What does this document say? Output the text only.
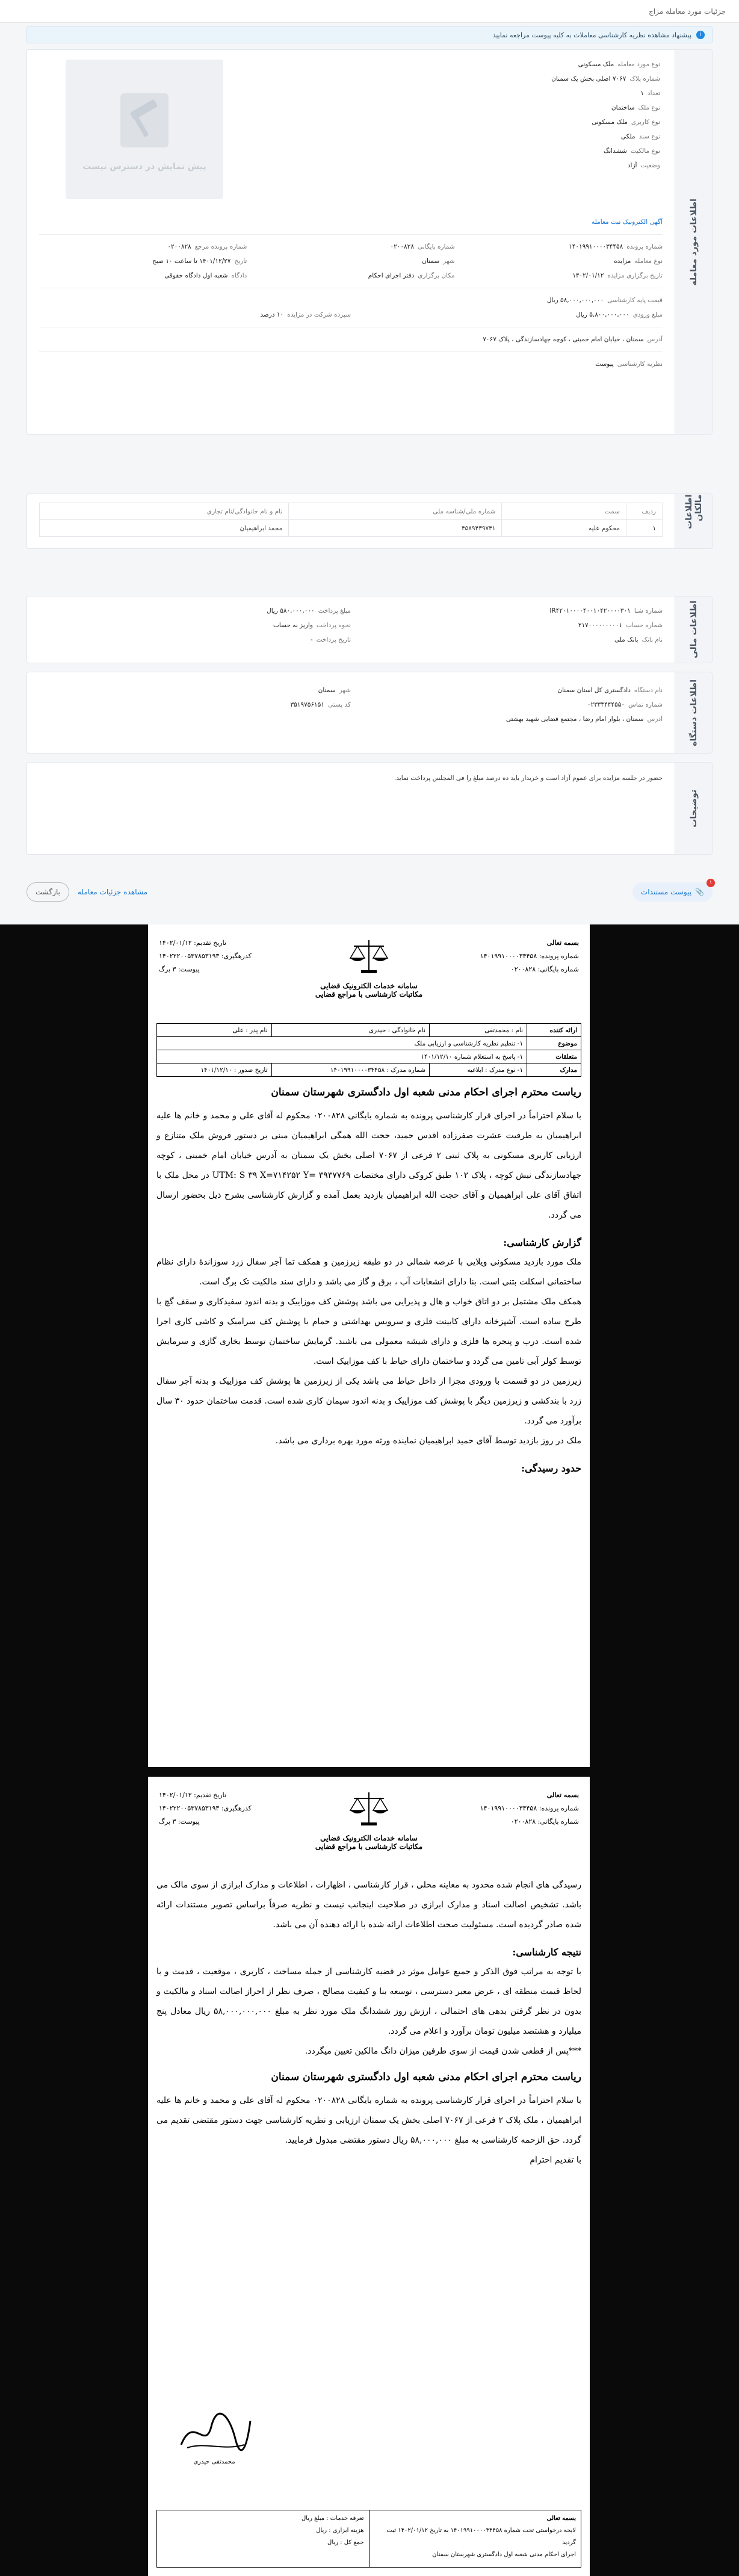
جزئیات مورد معامله مزاج
i
پیشنهاد مشاهده نظریه کارشناسی معاملات به کلیه پیوست مراجعه نمایید
اطلاعات مورد معامله
پیش نمایش در دسترس نیست
نوع مورد معامله
ملک مسکونی
شماره پلاک
۷۰۶۷ اصلی بخش یک سمنان
تعداد
۱
نوع ملک
ساختمان
نوع کاربری
ملک مسکونی
نوع سند
ملکی
نوع مالکیت
ششدانگ
وضعیت
آزاد
آگهی الکترونیک ثبت معامله
شماره پرونده
۱۴۰۱۹۹۱۰۰۰۰۳۴۴۵۸
شماره بایگانی
۰۲۰۰۸۲۸
شماره پرونده مرجع
۰۲۰۰۸۲۸
نوع معامله
مزایده
شهر
سمنان
تاریخ
۱۴۰۱/۱۲/۲۷ تا ساعت ۱۰ صبح
تاریخ برگزاری مزایده
۱۴۰۲/۰۱/۱۲
مکان برگزاری
دفتر اجرای احکام
دادگاه
شعبه اول دادگاه حقوقی
قیمت پایه کارشناسی
۵۸,۰۰۰,۰۰۰,۰۰۰ ریال
مبلغ ورودی
۵,۸۰۰,۰۰۰,۰۰۰ ریال
سپرده شرکت در مزایده
۱۰ درصد
آدرس
سمنان ، خیابان امام خمینی ، کوچه جهادسازندگی ، پلاک ۷۰۶۷
نظریه کارشناسی
پیوست
اطلاعات مالکان
ردیف	سمت	شماره ملی/شناسه ملی	نام و نام خانوادگی/نام تجاری
۱	محکوم علیه	۴۵۸۹۴۳۹۷۳۱	محمد ابراهیمیان
اطلاعات مالی
شماره شبا
IR۴۲۰۱۰۰۰۰۴۰۰۱۰۴۲۰۰۰۰۳۰۱
مبلغ پرداخت
۵۸۰,۰۰۰,۰۰۰ ریال
شماره حساب
۲۱۷۰۰۰۰۰۰۰۰۰۱
نحوه پرداخت
واریز به حساب
نام بانک
بانک ملی
تاریخ پرداخت
-
اطلاعات دستگاه
نام دستگاه
دادگستری کل استان سمنان
شهر
سمنان
شماره تماس
۰۲۳۳۳۴۴۴۵۵۰
کد پستی
۳۵۱۹۷۵۶۱۵۱
آدرس
سمنان ، بلوار امام رضا ، مجتمع قضایی شهید بهشتی
توضیحات
حضور در جلسه مزایده برای عموم آزاد است و خریدار باید ده درصد مبلغ را فی المجلس پرداخت نماید.
۱
📎
پیوست مستندات
مشاهده جزئیات معامله
بازگشت
بسمه تعالی
شماره پرونده: ۱۴۰۱۹۹۱۰۰۰۰۳۴۴۵۸
شماره بایگانی: ۰۲۰۰۸۲۸
سامانه خدمات الکترونیک قضایی
مکاتبات کارشناسی با مراجع قضایی
تاریخ تقدیم: ۱۴۰۲/۰۱/۱۲
کدرهگیری: ۱۴۰۲۲۲۰۰۵۳۷۸۵۳۱۹۳
پیوست: ۳ برگ
ارائه کننده	نام : محمدتقی	نام خانوادگی : حیدری	نام پدر : علی
موضوع	۱- تنظیم نظریه کارشناسی و ارزیابی ملک		
متعلقات	۱- پاسخ به استعلام شماره ۱۴۰۱/۱۲/۱۰		
مدارک	۱- نوع مدرک : ابلاغیه	شماره مدرک : ۱۴۰۱۹۹۱۰۰۰۰۳۴۴۵۸	تاریخ صدور : ۱۴۰۱/۱۲/۱۰
ریاست محترم اجرای احکام مدنی شعبه اول دادگستری شهرستان سمنان

با سلام احتراماً در اجرای قرار کارشناسی پرونده به شماره بایگانی ۰۲۰۰۸۲۸ محکوم له آقای علی و محمد و خانم ها علیه ابراهیمیان به طرفیت عشرت صفرزاده اقدس حمید، حجت الله همگی ابراهیمیان مبنی بر دستور فروش ملک متنازع و ارزیابی کاربری مسکونی به پلاک ثبتی ۲ فرعی از ۷۰۶۷ اصلی بخش یک سمنان به آدرس خیابان امام خمینی ، کوچه جهادسازندگی نبش کوچه ، پلاک ۱۰۲ طبق کروکی دارای مختصات UTM: S ۳۹ X=۷۱۴۲۵۲ Y= ۳۹۳۷۷۶۹ در محل ملک با اتفاق آقای علی ابراهیمیان و آقای حجت الله ابراهیمیان بازدید بعمل آمده و گزارش کارشناسی بشرح ذیل بحضور ارسال می گردد.

گزارش کارشناسی:

ملک مورد بازدید مسکونی ویلایی با عرصه شمالی در دو طبقه زیرزمین و همکف تما آجر سفال زرد سوزاندهٔ دارای نظام ساختمانی اسکلت بتنی است. بنا دارای انشعابات آب ، برق و گاز می باشد و دارای سند مالکیت تک برگ است.

همکف ملک مشتمل بر دو اتاق خواب و هال و پذیرایی می باشد پوشش کف موزاییک و بدنه اندود سفیدکاری و سقف گچ با طرح ساده است. آشپزخانه دارای کابینت فلزی و سرویس بهداشتی و حمام با پوشش کف سرامیک و کاشی کاری اجرا شده است. درب و پنجره ها فلزی و دارای شیشه معمولی می باشند. گرمایش ساختمان توسط بخاری گازی و سرمایش توسط کولر آبی تامین می گردد و ساختمان دارای حیاط با کف موزاییک است.

زیرزمین در دو قسمت با ورودی مجزا از داخل حیاط می باشد یکی از زیرزمین ها پوشش کف موزاییک و بدنه آجر سفال زرد با بندکشی و زیرزمین دیگر با پوشش کف موزاییک و بدنه اندود سیمان کاری شده است. قدمت ساختمان حدود ۳۰ سال برآورد می گردد.

ملک در روز بازدید توسط آقای حمید ابراهیمیان نماینده ورثه مورد بهره برداری می باشد.

حدود رسیدگی:
بسمه تعالی
شماره پرونده: ۱۴۰۱۹۹۱۰۰۰۰۳۴۴۵۸
شماره بایگانی: ۰۲۰۰۸۲۸
سامانه خدمات الکترونیک قضایی
مکاتبات کارشناسی با مراجع قضایی
تاریخ تقدیم: ۱۴۰۲/۰۱/۱۲
کدرهگیری: ۱۴۰۲۲۲۰۰۵۳۷۸۵۳۱۹۳
پیوست: ۳ برگ

رسیدگی های انجام شده محدود به معاینه محلی ، قرار کارشناسی ، اظهارات ، اطلاعات و مدارک ابرازی از سوی مالک می باشد. تشخیص اصالت اسناد و مدارک ابرازی در صلاحیت اینجانب نیست و نظریه صرفاً براساس تصویر مستندات ارائه شده صادر گردیده است. مسئولیت صحت اطلاعات ارائه شده با ارائه دهنده آن می باشد.

نتیجه کارشناسی:

با توجه به مراتب فوق الذکر و جمیع عوامل موثر در قضیه کارشناسی از جمله مساحت ، کاربری ، موقعیت ، قدمت و با لحاظ قیمت منطقه ای ، عرض معبر دسترسی ، توسعه بنا و کیفیت مصالح ، صرف نظر از احراز اصالت اسناد و مالکیت و بدون در نظر گرفتن بدهی های احتمالی ، ارزش روز ششدانگ ملک مورد نظر به مبلغ ۵۸,۰۰۰,۰۰۰,۰۰۰ ریال معادل پنج میلیارد و هشتصد میلیون تومان برآورد و اعلام می گردد.

***پس از قطعی شدن قیمت از سوی طرفین میزان دانگ مالکین تعیین میگردد.

ریاست محترم اجرای احکام مدنی شعبه اول دادگستری شهرستان سمنان

با سلام احتراماً در اجرای قرار کارشناسی پرونده به شماره بایگانی ۰۲۰۰۸۲۸ محکوم له آقای علی و محمد و خانم ها علیه ابراهیمیان ، ملک پلاک ۲ فرعی از ۷۰۶۷ اصلی بخش یک سمنان ارزیابی و نظریه کارشناسی جهت دستور مقتضی تقدیم می گردد. حق الزحمه کارشناسی به مبلغ ۵۸,۰۰۰,۰۰۰ ریال دستور مقتضی مبذول فرمایید.

با تقدیم احترام

محمدتقی حیدری
بسمه تعالی
لایحه درخواستی تحت شماره ۱۴۰۱۹۹۱۰۰۰۰۳۴۴۵۸ به تاریخ ۱۴۰۲/۰۱/۱۲ ثبت گردید
اجرای احکام مدنی شعبه اول دادگستری شهرستان سمنان
تعرفه خدمات : مبلغ ریال
هزینه ابزاری : ریال
جمع کل : ریال
